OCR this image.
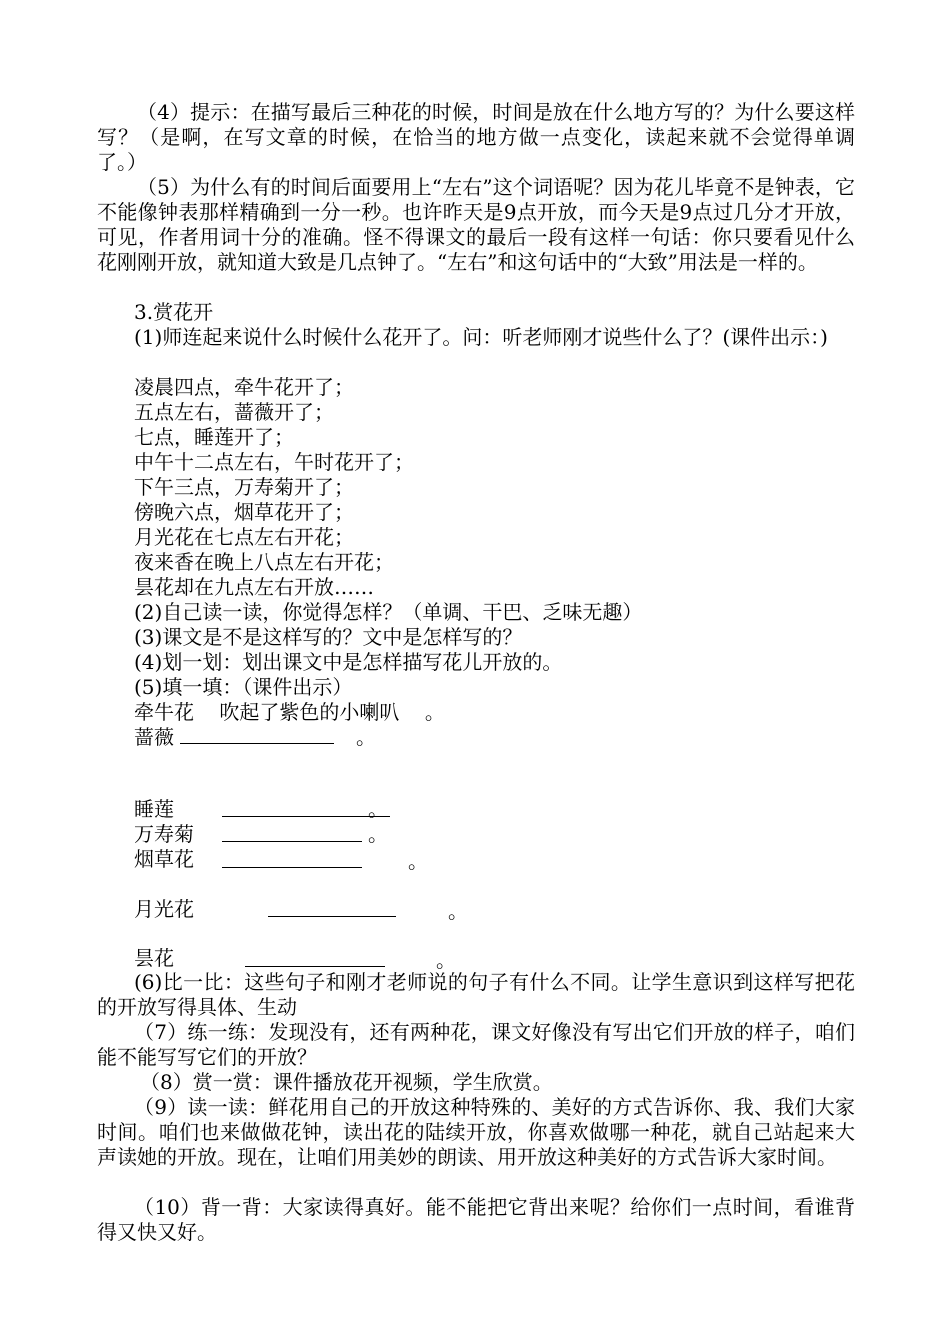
（4）提示：在描写最后三种花的时候，时间是放在什么地方写的？为什么要这样写？（是啊，在写文章的时候，在恰当的地方做一点变化，读起来就不会觉得单调了。）

（5）为什么有的时间后面要用上“左右”这个词语呢？因为花儿毕竟不是钟表，它不能像钟表那样精确到一分一秒。也许昨天是9点开放，而今天是9点过几分才开放，可见，作者用词十分的准确。怪不得课文的最后一段有这样一句话：你只要看见什么花刚刚开放，就知道大致是几点钟了。“左右”和这句话中的“大致”用法是一样的。

3.赏花开

(1)师连起来说什么时候什么花开了。问：听老师刚才说些什么了？(课件出示：)

凌晨四点，牵牛花开了；

五点左右，蔷薇开了；

七点，睡莲开了；

中午十二点左右，午时花开了；

下午三点，万寿菊开了；

傍晚六点，烟草花开了；

月光花在七点左右开花；

夜来香在晚上八点左右开花；

昙花却在九点左右开放……

(2)自己读一读，你觉得怎样？（单调、干巴、乏味无趣）

(3)课文是不是这样写的？文中是怎样写的？

(4)划一划：划出课文中是怎样描写花儿开放的。

(5)填一填：（课件出示）

牵牛花    吹起了紫色的小喇叭    。

蔷薇	。
睡莲	。
万寿菊	。
烟草花	。
月光花	。
昙花	。

(6)比一比：这些句子和刚才老师说的句子有什么不同。让学生意识到这样写把花的开放写得具体、生动

（7）练一练：发现没有，还有两种花，课文好像没有写出它们开放的样子，咱们能不能写写它们的开放？

（8）赏一赏：课件播放花开视频，学生欣赏。

（9）读一读：鲜花用自己的开放这种特殊的、美好的方式告诉你、我、我们大家时间。咱们也来做做花钟，读出花的陆续开放，你喜欢做哪一种花，就自己站起来大声读她的开放。现在，让咱们用美妙的朗读、用开放这种美好的方式告诉大家时间。

（10）背一背：大家读得真好。能不能把它背出来呢？给你们一点时间，看谁背得又快又好。
